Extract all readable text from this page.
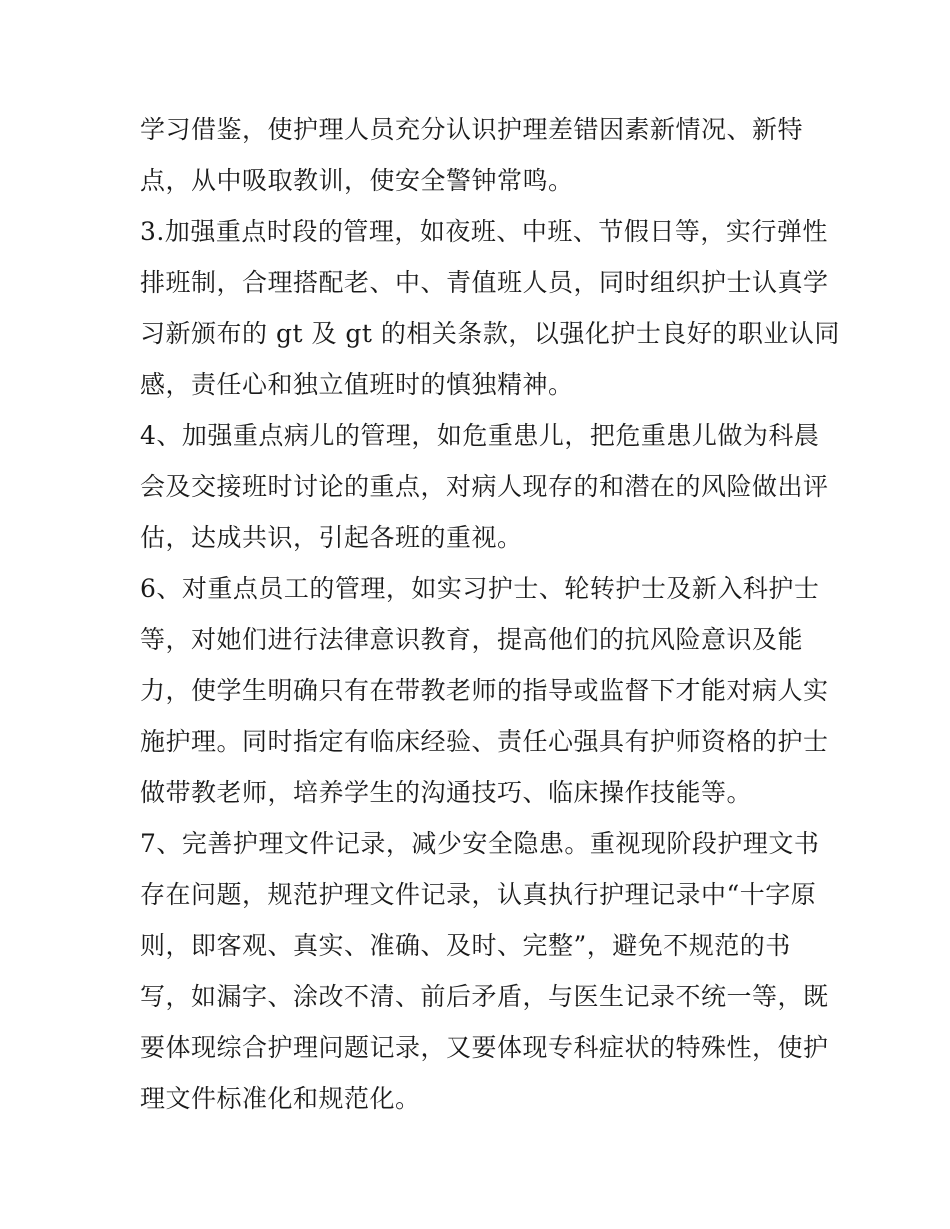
学习借鉴，使护理人员充分认识护理差错因素新情况、新特
点，从中吸取教训，使安全警钟常鸣。
3.加强重点时段的管理，如夜班、中班、节假日等，实行弹性
排班制，合理搭配老、中、青值班人员，同时组织护士认真学
习新颁布的 gt 及 gt 的相关条款，以强化护士良好的职业认同
感，责任心和独立值班时的慎独精神。
4、加强重点病儿的管理，如危重患儿，把危重患儿做为科晨
会及交接班时讨论的重点，对病人现存的和潜在的风险做出评
估，达成共识，引起各班的重视。
6、对重点员工的管理，如实习护士、轮转护士及新入科护士
等，对她们进行法律意识教育，提高他们的抗风险意识及能
力，使学生明确只有在带教老师的指导或监督下才能对病人实
施护理。同时指定有临床经验、责任心强具有护师资格的护士
做带教老师，培养学生的沟通技巧、临床操作技能等。
7、完善护理文件记录，减少安全隐患。重视现阶段护理文书
存在问题，规范护理文件记录，认真执行护理记录中“十字原
则，即客观、真实、准确、及时、完整”，避免不规范的书
写，如漏字、涂改不清、前后矛盾，与医生记录不统一等，既
要体现综合护理问题记录，又要体现专科症状的特殊性，使护
理文件标准化和规范化。
